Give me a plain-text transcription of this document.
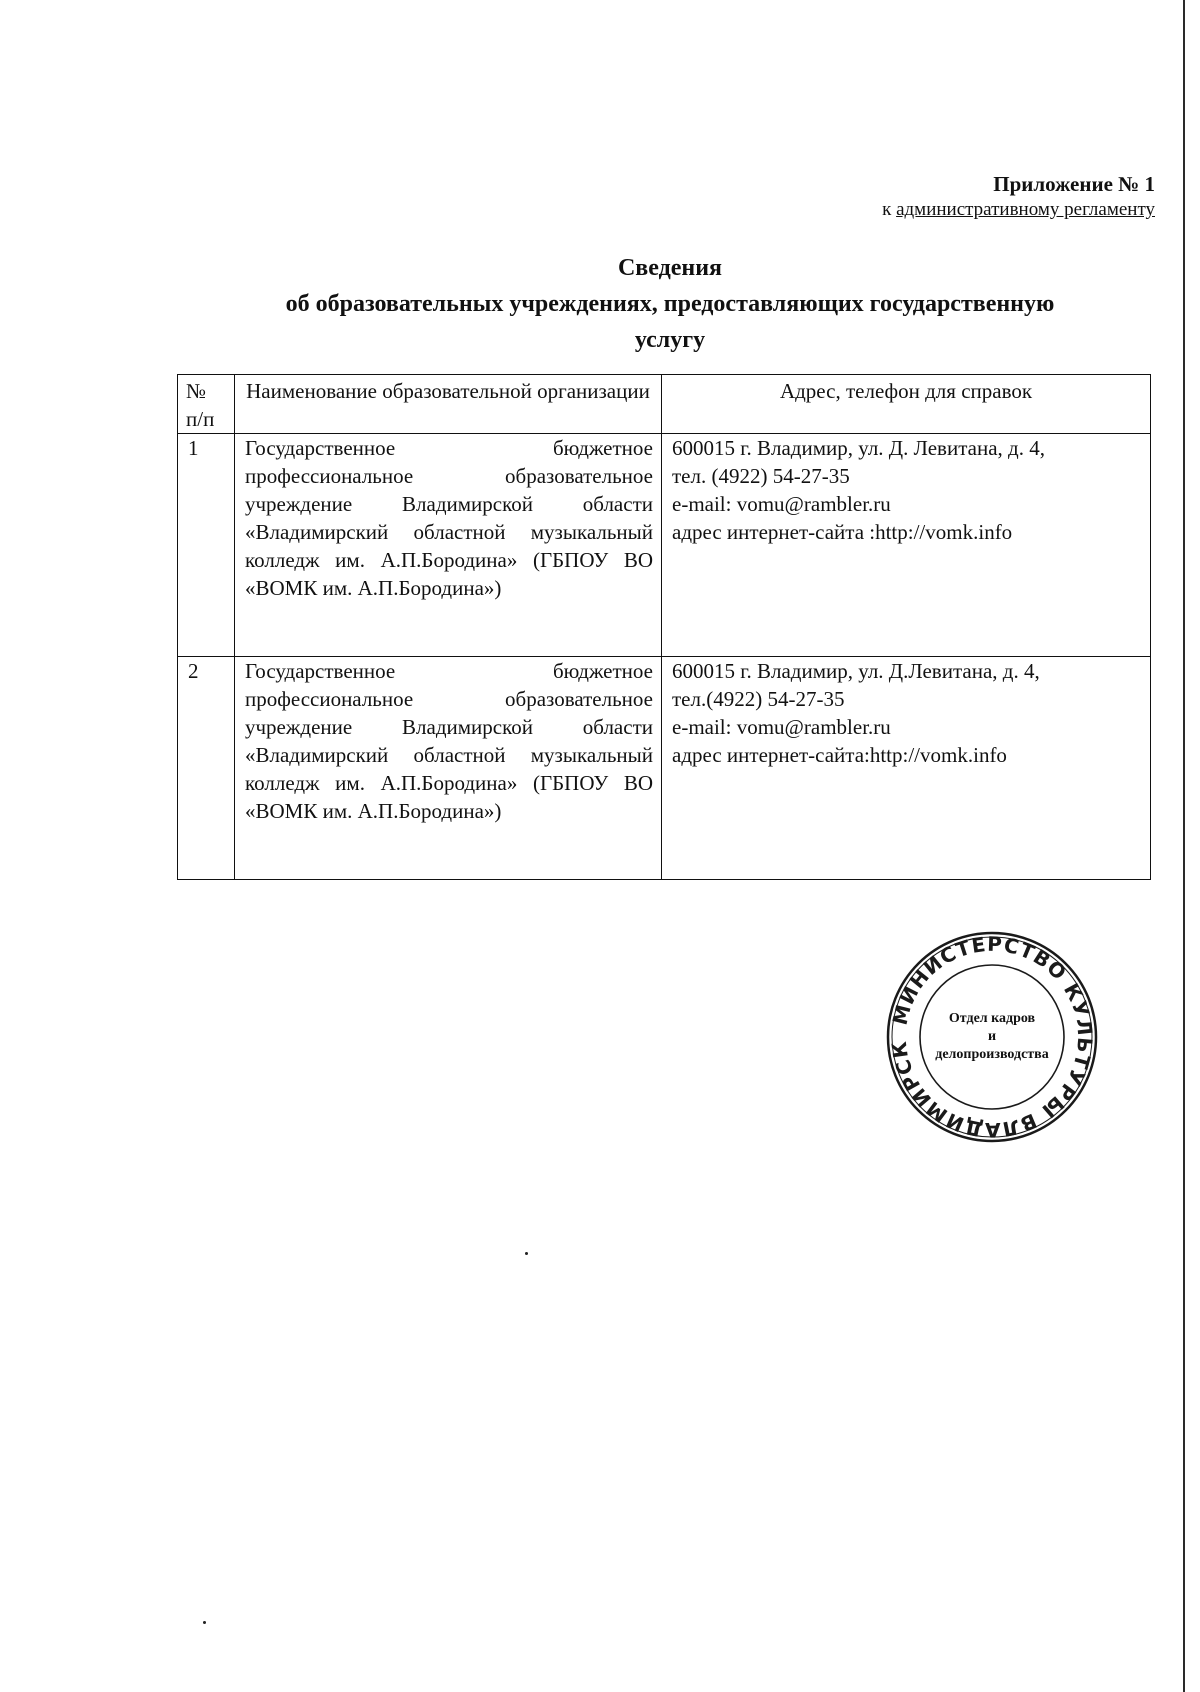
Приложение № 1
к административному регламенту
Сведения
об образовательных учреждениях, предоставляющих государственную
услугу
№
п/п	Наименование образовательной организации	Адрес, телефон для справок
1	Государственное бюджетное профессиональное образовательное учреждение Владимирской области «Владимирский областной музыкальный колледж им. А.П.Бородина» (ГБПОУ ВО «ВОМК им. А.П.Бородина»)	600015 г. Владимир, ул. Д. Левитана, д. 4,
тел. (4922) 54-27-35
e-mail: vomu@rambler.ru
адрес интернет-сайта :http://vomk.info

2	Государственное бюджетное профессиональное образовательное учреждение Владимирской области «Владимирский областной музыкальный колледж им. А.П.Бородина» (ГБПОУ ВО «ВОМК им. А.П.Бородина»)	600015 г. Владимир, ул. Д.Левитана, д. 4,
тел.(4922) 54-27-35
e-mail: vomu@rambler.ru
адрес интернет-сайта:http://vomk.info
МИНИСТЕРСТВО КУЛЬТУРЫ ВЛАДИМИРСК
Отдел кадров
и
делопроизводства
